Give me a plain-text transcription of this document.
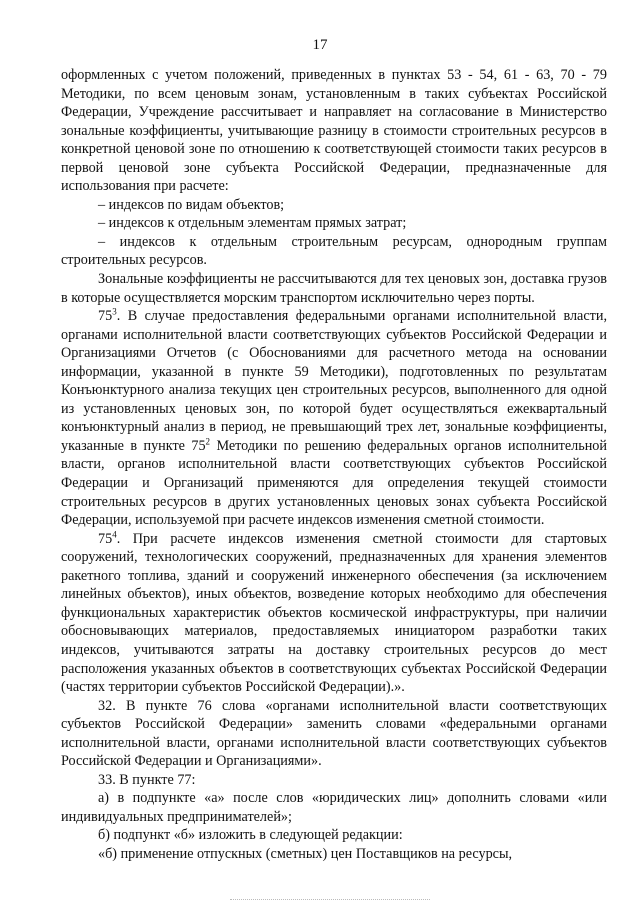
17

оформленных с учетом положений, приведенных в пунктах 53 - 54, 61 - 63, 70 - 79 Методики, по всем ценовым зонам, установленным в таких субъектах Российской Федерации, Учреждение рассчитывает и направляет на согласование в Министерство зональные коэффициенты, учитывающие разницу в стоимости строительных ресурсов в конкретной ценовой зоне по отношению к соответствующей стоимости таких ресурсов в первой ценовой зоне субъекта Российской Федерации, предназначенные для использования при расчете:

– индексов по видам объектов;

– индексов к отдельным элементам прямых затрат;

– индексов к отдельным строительным ресурсам, однородным группам строительных ресурсов.

Зональные коэффициенты не рассчитываются для тех ценовых зон, доставка грузов в которые осуществляется морским транспортом исключительно через порты.

$75^3$. В случае предоставления федеральными органами исполнительной власти, органами исполнительной власти соответствующих субъектов Российской Федерации и Организациями Отчетов (с Обоснованиями для расчетного метода на основании информации, указанной в пункте 59 Методики), подготовленных по результатам Конъюнктурного анализа текущих цен строительных ресурсов, выполненного для одной из установленных ценовых зон, по которой будет осуществляться ежеквартальный конъюнктурный анализ в период, не превышающий трех лет, зональные коэффициенты, указанные в пункте $75^2$ Методики по решению федеральных органов исполнительной власти, органов исполнительной власти соответствующих субъектов Российской Федерации и Организаций применяются для определения текущей стоимости строительных ресурсов в других установленных ценовых зонах субъекта Российской Федерации, используемой при расчете индексов изменения сметной стоимости.

$75^4$. При расчете индексов изменения сметной стоимости для стартовых сооружений, технологических сооружений, предназначенных для хранения элементов ракетного топлива, зданий и сооружений инженерного обеспечения (за исключением линейных объектов), иных объектов, возведение которых необходимо для обеспечения функциональных характеристик объектов космической инфраструктуры, при наличии обосновывающих материалов, предоставляемых инициатором разработки таких индексов, учитываются затраты на доставку строительных ресурсов до мест расположения указанных объектов в соответствующих субъектах Российской Федерации (частях территории субъектов Российской Федерации).».

32. В пункте 76 слова «органами исполнительной власти соответствующих субъектов Российской Федерации» заменить словами «федеральными органами исполнительной власти, органами исполнительной власти соответствующих субъектов Российской Федерации и Организациями».

33. В пункте 77:

а) в подпункте «а» после слов «юридических лиц» дополнить словами «или индивидуальных предпринимателей»;

б) подпункт «б» изложить в следующей редакции:

«б) применение отпускных (сметных) цен Поставщиков на ресурсы,
